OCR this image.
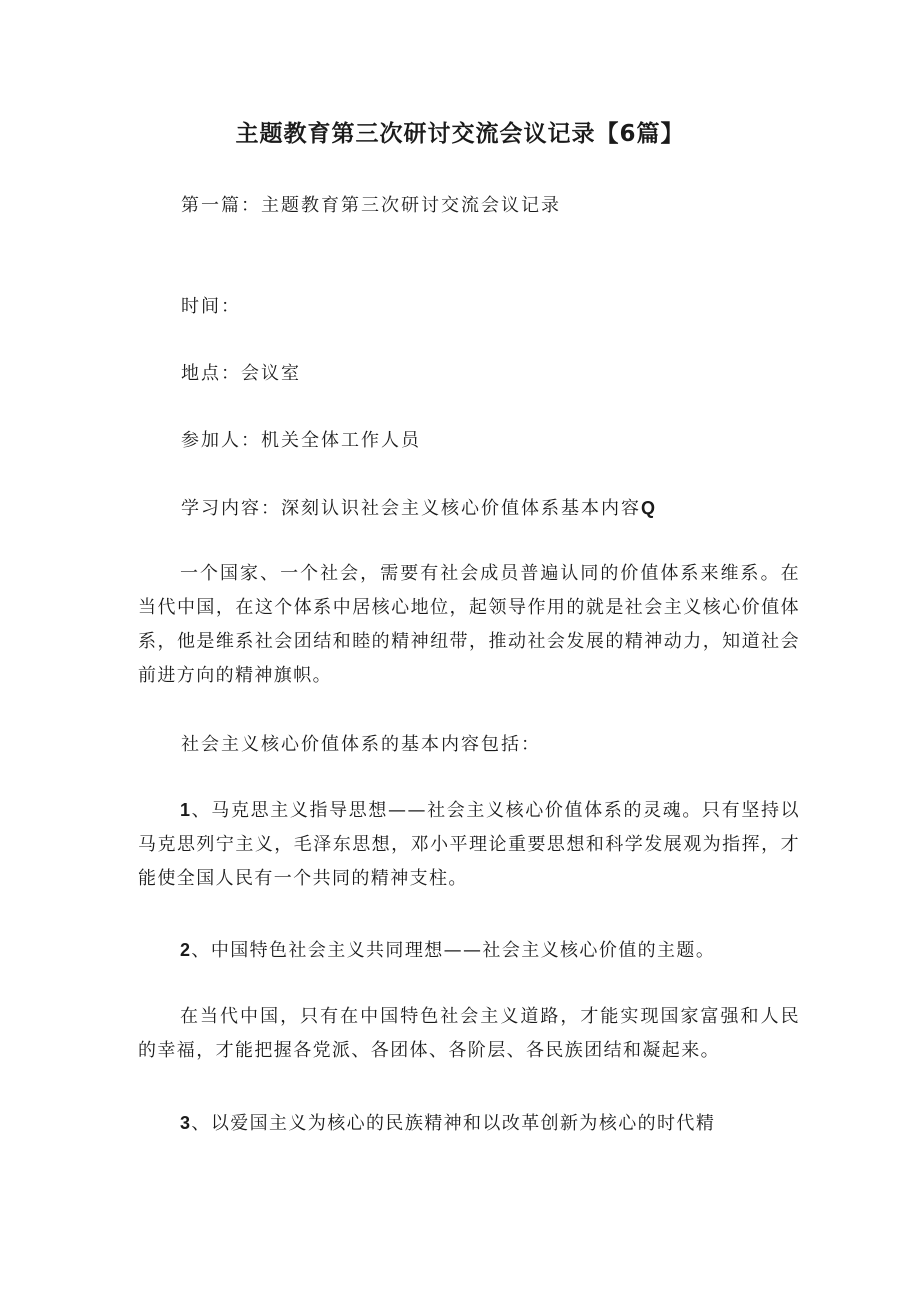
主题教育第三次研讨交流会议记录【6篇】
第一篇：主题教育第三次研讨交流会议记录
时间：
地点：会议室
参加人：机关全体工作人员
学习内容：深刻认识社会主义核心价值体系基本内容Q
一个国家、一个社会，需要有社会成员普遍认同的价值体系来维系。在当代中国，在这个体系中居核心地位，起领导作用的就是社会主义核心价值体系，他是维系社会团结和睦的精神纽带，推动社会发展的精神动力，知道社会前进方向的精神旗帜。
社会主义核心价值体系的基本内容包括：
1、马克思主义指导思想——社会主义核心价值体系的灵魂。只有坚持以马克思列宁主义，毛泽东思想，邓小平理论重要思想和科学发展观为指挥，才能使全国人民有一个共同的精神支柱。
2、中国特色社会主义共同理想——社会主义核心价值的主题。
在当代中国，只有在中国特色社会主义道路，才能实现国家富强和人民的幸福，才能把握各党派、各团体、各阶层、各民族团结和凝起来。
3、以爱国主义为核心的民族精神和以改革创新为核心的时代精
